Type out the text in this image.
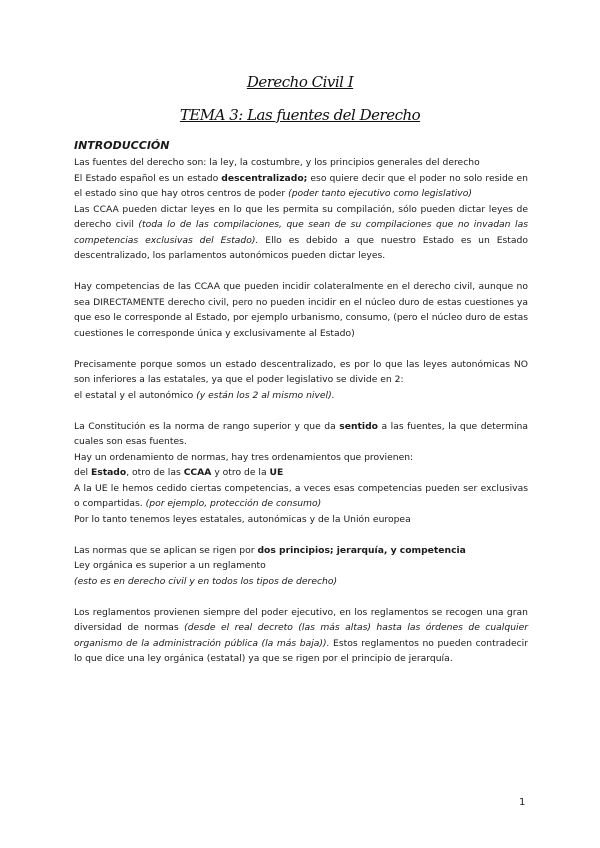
Derecho Civil I
TEMA 3: Las fuentes del Derecho
INTRODUCCIÓN

Las fuentes del derecho son: la ley, la costumbre, y los principios generales del derecho

El Estado español es un estado descentralizado; eso quiere decir que el poder no solo reside en el estado sino que hay otros centros de poder (poder tanto ejecutivo como legislativo)

Las CCAA pueden dictar leyes en lo que les permita su compilación, sólo pueden dictar leyes de derecho civil (toda lo de las compilaciones, que sean de su compilaciones que no invadan las competencias exclusivas del Estado). Ello es debido a que nuestro Estado es un Estado descentralizado, los parlamentos autonómicos pueden dictar leyes.

Hay competencias de las CCAA que pueden incidir colateralmente en el derecho civil, aunque no sea DIRECTAMENTE derecho civil, pero no pueden incidir en el núcleo duro de estas cuestiones ya que eso le corresponde al Estado, por ejemplo urbanismo, consumo, (pero el núcleo duro de estas cuestiones le corresponde única y exclusivamente al Estado)

Precisamente porque somos un estado descentralizado, es por lo que las leyes autonómicas NO son inferiores a las estatales, ya que el poder legislativo se divide en 2:

el estatal y el autonómico (y están los 2 al mismo nivel).

La Constitución es la norma de rango superior y que da sentido a las fuentes, la que determina cuales son esas fuentes.

Hay un ordenamiento de normas, hay tres ordenamientos que provienen:

del Estado, otro de las CCAA y otro de la UE

A la UE le hemos cedido ciertas competencias, a veces esas competencias pueden ser exclusivas o compartidas. (por ejemplo, protección de consumo)

Por lo tanto tenemos leyes estatales, autonómicas y de la Unión europea

Las normas que se aplican se rigen por dos principios; jerarquía, y competencia

Ley orgánica es superior a un reglamento

(esto es en derecho civil y en todos los tipos de derecho)

Los reglamentos provienen siempre del poder ejecutivo, en los reglamentos se recogen una gran diversidad de normas (desde el real decreto (las más altas) hasta las órdenes de cualquier organismo de la administración pública (la más baja)). Estos reglamentos no pueden contradecir lo que dice una ley orgánica (estatal) ya que se rigen por el principio de jerarquía.

1
